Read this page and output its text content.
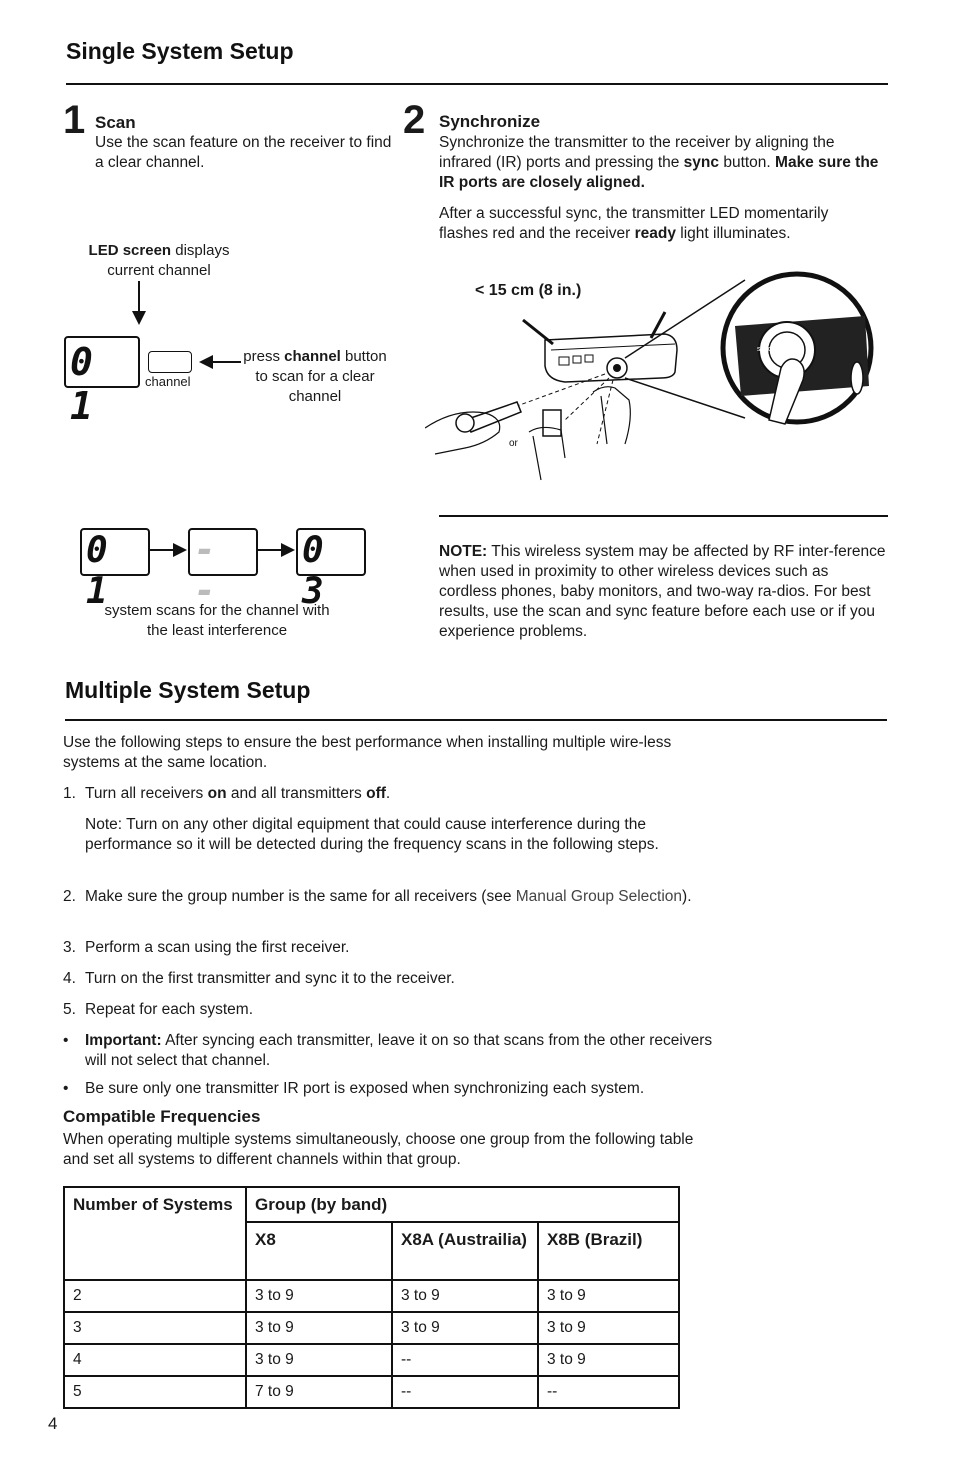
Single System Setup
1 Scan
Use the scan feature on the receiver to find a clear channel.
LED screen displays current channel
0 1
channel
press channel button to scan for a clear channel
0 1
- -
0 3
system scans for the channel with the least interference
2 Synchronize
Synchronize the transmitter to the receiver by aligning the infrared (IR) ports and pressing the sync button. Make sure the IR ports are closely aligned.
After a successful sync, the transmitter LED momentarily flashes red and the receiver ready light illuminates.
< 15 cm (8 in.)
sync
or
NOTE: This wireless system may be affected by RF inter-ference when used in proximity to other wireless devices such as cordless phones, baby monitors, and two-way ra-dios. For best results, use the scan and sync feature before each use or if you experience problems.
Multiple System Setup
Use the following steps to ensure the best performance when installing multiple wire-less systems at the same location.
1. Turn all receivers on and all transmitters off.
Note: Turn on any other digital equipment that could cause interference during the performance so it will be detected during the frequency scans in the following steps.
2. Make sure the group number is the same for all receivers (see Manual Group Selection).
3. Perform a scan using the first receiver.
4. Turn on the first transmitter and sync it to the receiver.
5. Repeat for each system.
• Important: After syncing each transmitter, leave it on so that scans from the other receivers will not select that channel.
• Be sure only one transmitter IR port is exposed when synchronizing each system.
Compatible Frequencies
When operating multiple systems simultaneously, choose one group from the following table and set all systems to different channels within that group.
Number of Systems	Group (by band)		
	X8	X8A (Austrailia)	X8B (Brazil)
2	3 to 9	3 to 9	3 to 9
3	3 to 9	3 to 9	3 to 9
4	3 to 9	--	3 to 9
5	7 to 9	--	--
4
